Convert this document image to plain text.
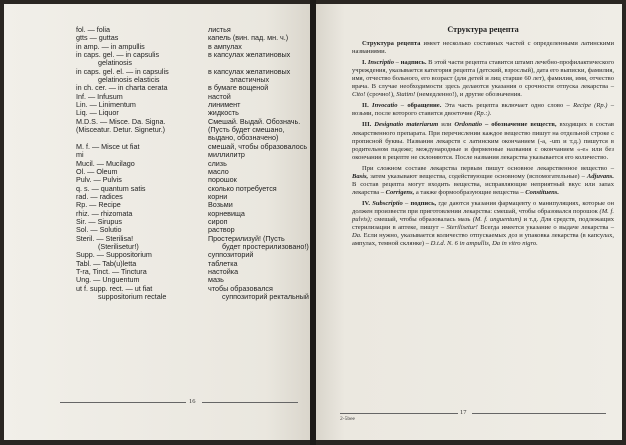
fol. — folia
gtts — guttas
in amp. — in ampullis
in caps. gel. — in capsulis
gelatinosis
in caps. gel. el. — in capsulis
gelatinosis elasticis
in ch. cer. — in charta cerata
Inf. — Infusum
Lin. — Linimentum
Liq. — Liquor
M.D.S. — Misce. Da. Signa.
(Misceatur. Detur. Signetur.)
M. f. — Misce ut fiat
mi
Mucil. — Mucilago
Ol. — Oleum
Pulv. — Pulvis
q. s. — quantum satis
rad. — radices
Rp. — Recipe
rhiz. — rhizomata
Sir. — Sirupus
Sol. — Solutio
Steril. — Sterilisa!
(Sterilisetur!)
Supp. — Suppositorium
Tabl. — Tab(u)letta
T-ra, Tinct. — Tinctura
Ung. — Unguentum
ut f. supp. rect. — ut fiat
suppositorium rectale
листья
капель (вин. пад. мн. ч.)
в ампулах
в капсулах желатиновых
в капсулах желатиновых
эластичных
в бумаге вощеной
настой
линимент
жидкость
Смешай. Выдай. Обозначь.
(Пусть будет смешано,
выдано, обозначено)
смешай, чтобы образовалось
миллилитр
слизь
масло
порошок
сколько потребуется
корни
Возьми
корневища
сироп
раствор
Простерилизуй! (Пусть
будет простерилизовано!)
суппозиторий
таблетка
настойка
мазь
чтобы образовался
суппозиторий ректальный
16
Структура рецепта

Структура рецепта имеет несколько составных частей с определенными латинскими названиями.

I. Inscriptio – надпись. В этой части рецепта ставится штамп лечебно-профилактического учреждения, указывается категория рецепта (детский, взрослый), дата его выписки, фамилия, имя, отчество больного, его возраст (для детей и лиц старше 60 лет), фамилия, имя, отчество врача. В случае необходимости здесь делаются указания о срочности отпуска лекарства – Cito! (срочно!), Statim! (немедленно!), и другие обозначения.

II. Invocatio – обращение. Эта часть рецепта включает одно слово – Recipe (Rp.) – возьми, после которого ставится двоеточие (Rp.:).

III. Designatio materiarum или Ordonatio – обозначение веществ, входящих в состав лекарственного препарата. При перечислении каждое вещество пишут на отдельной строке с прописной буквы. Названия лекарств с латинским окончанием (-a, -um и т.д.) пишутся в родительном падеже; международные и фирменные названия с окончанием «-e» или без окончания в рецепте не склоняются. После названия лекарства указывается его количество.

При сложном составе лекарства первым пишут основное лекарственное вещество – Basis, затем указывают вещества, содействующие основному (вспомогательные) – Adjuvans. В состав рецепта могут входить вещества, исправляющие неприятный вкус или запах лекарства – Corrigens, а также формообразующие вещества – Constituens.

IV. Subscriptio – подпись, где даются указания фармацевту о манипуляциях, которые он должен произвести при приготовлении лекарства: смешай, чтобы образовался порошок (M. f. pulvis); смешай, чтобы образовалась мазь (M. f. unguentum) и т.д. Для средств, подлежащих стерилизации в аптеке, пишут – Sterilisetur! Всегда имеется указание о выдаче лекарства – Da. Если нужно, указывается количество отпускаемых доз и упаковка лекарства (в капсулах, ампулах, темной склянке) – D.t.d. N. 6 in ampullis, Da in vitro nigro.

17
2-5bee
